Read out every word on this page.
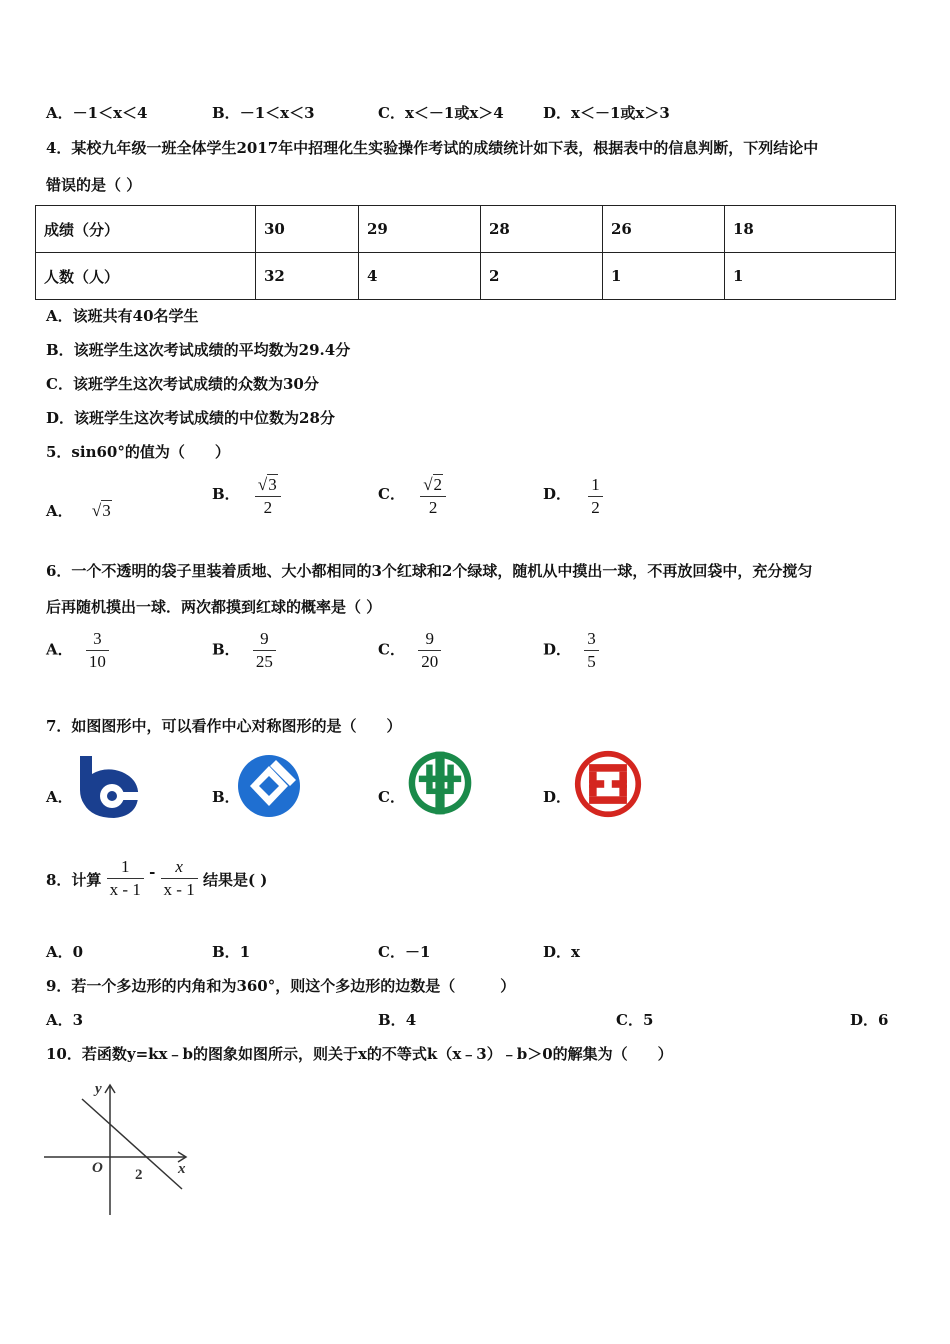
A．－1＜x＜4	B．－1＜x＜3	C．x＜－1或x＞4	D．x＜－1或x＞3
4．某校九年级一班全体学生2017年中招理化生实验操作考试的成绩统计如下表，根据表中的信息判断，下列结论中
错误的是（ ）
成绩（分）	30	29	28	26	18
人数（人）	32	4	2	1	1
A．该班共有40名学生
B．该班学生这次考试成绩的平均数为29.4分
C．该班学生这次考试成绩的众数为30分
D．该班学生这次考试成绩的中位数为28分
5．sin60°的值为（　　）
A． √3
B． $\frac{√3}{2}$	C． $\frac{√2}{2}$	D． $\frac{1}{2}$
6．一个不透明的袋子里装着质地、大小都相同的3个红球和2个绿球，随机从中摸出一球，不再放回袋中，充分搅匀
后再随机摸出一球．两次都摸到红球的概率是（ ）
A． $\frac{3}{10}$	B． $\frac{9}{25}$	C． $\frac{9}{20}$	D． $\frac{3}{5}$
7．如图图形中，可以看作中心对称图形的是（　　）
A．	B．	C．	D．
8．计算 $\frac{1}{x - 1} - \frac{x}{x - 1}$ 结果是( )
A．0	B．1	C．－1	D．x
9．若一个多边形的内角和为360°，则这个多边形的边数是（　　　）
A．3	B．4	C．5	D．6
10．若函数y=kx﹣b的图象如图所示，则关于x的不等式k（x﹣3）﹣b＞0的解集为（　　）
y
x
O 2
